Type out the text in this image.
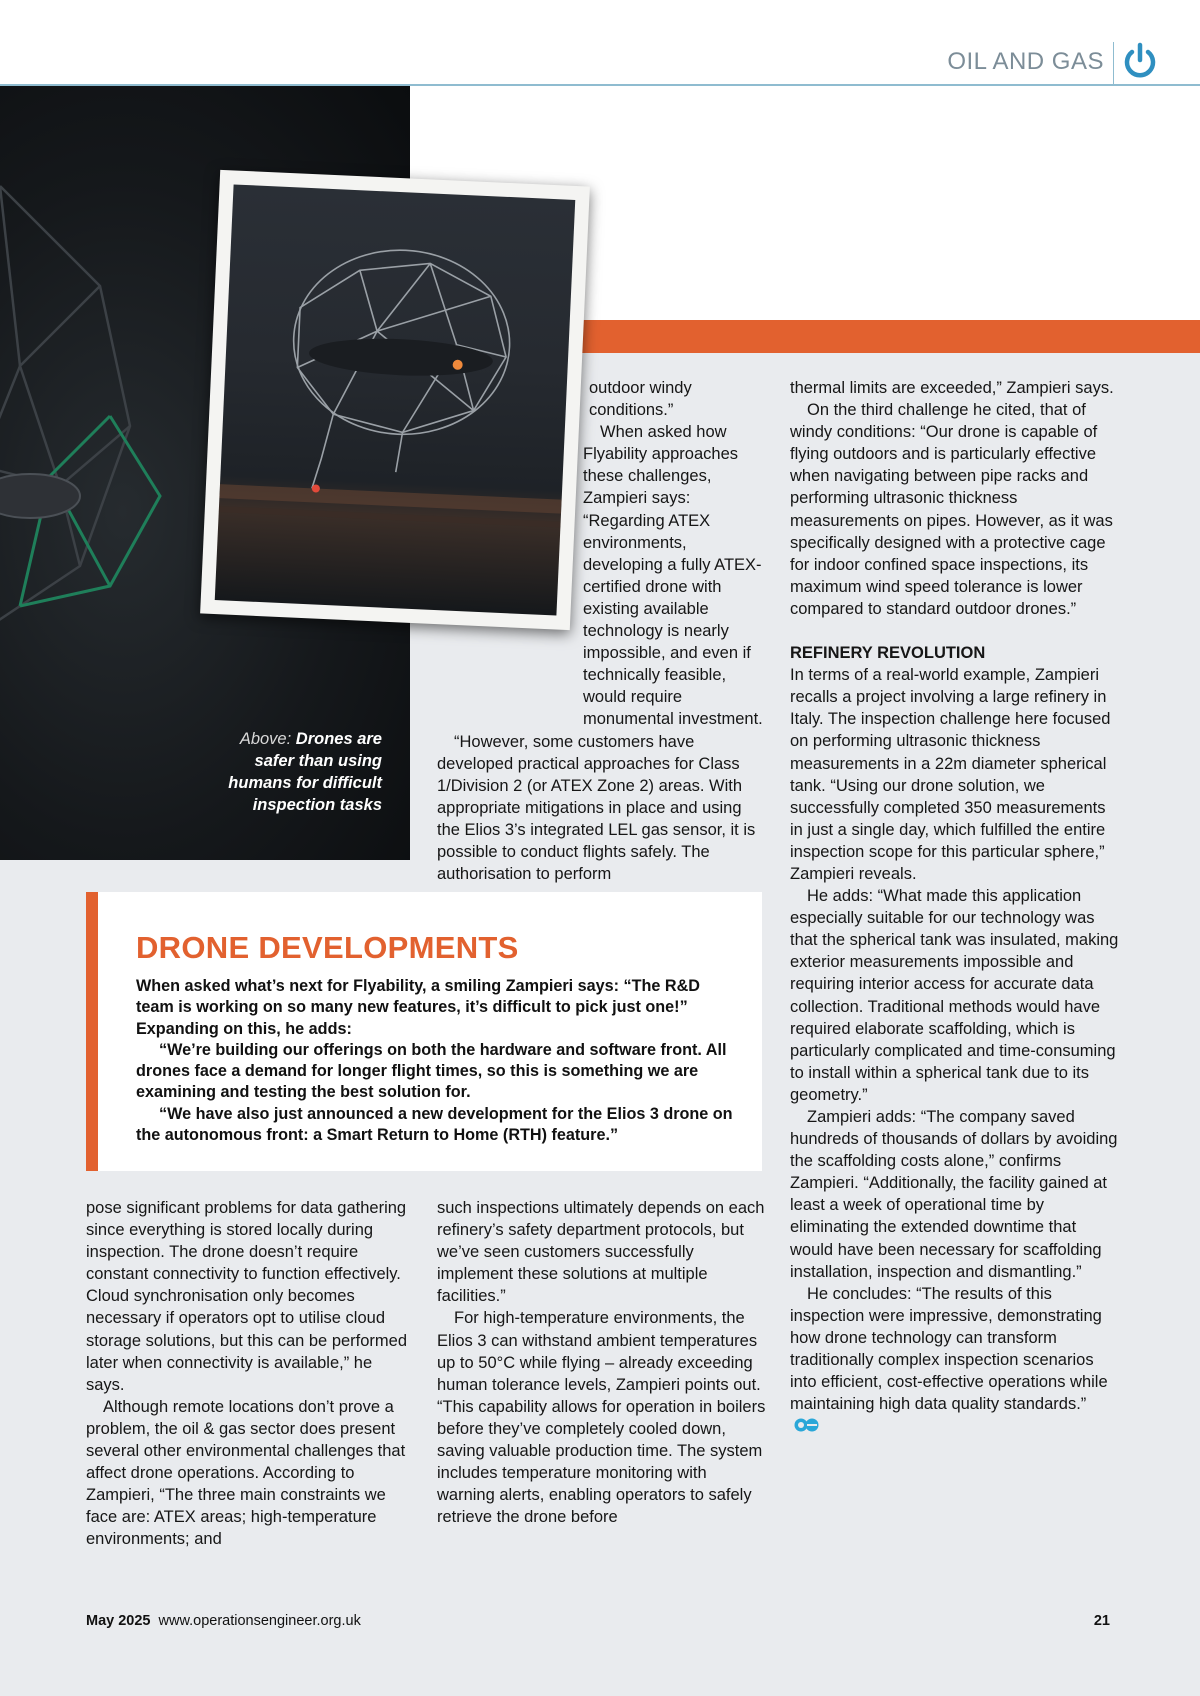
OIL AND GAS
Above: Drones are safer than using humans for difficult inspection tasks

outdoor windy conditions.”

When asked how Flyability approaches these challenges, Zampieri says: “Regarding ATEX environments, developing a fully ATEX-certified drone with existing available technology is nearly impossible, and even if technically feasible, would require monumental investment.

“However, some customers have developed practical approaches for Class 1/Division 2 (or ATEX Zone 2) areas. With appropriate mitigations in place and using the Elios 3’s integrated LEL gas sensor, it is possible to conduct flights safely. The authorisation to perform

thermal limits are exceeded,” Zampieri says.

On the third challenge he cited, that of windy conditions: “Our drone is capable of flying outdoors and is particularly effective when navigating between pipe racks and performing ultrasonic thickness measurements on pipes. However, as it was specifically designed with a protective cage for indoor confined space inspections, its maximum wind speed tolerance is lower compared to standard outdoor drones.”

REFINERY REVOLUTION

In terms of a real-world example, Zampieri recalls a project involving a large refinery in Italy. The inspection challenge here focused on performing ultrasonic thickness measurements in a 22m diameter spherical tank. “Using our drone solution, we successfully completed 350 measurements in just a single day, which fulfilled the entire inspection scope for this particular sphere,” Zampieri reveals.

He adds: “What made this application especially suitable for our technology was that the spherical tank was insulated, making exterior measurements impossible and requiring interior access for accurate data collection. Traditional methods would have required elaborate scaffolding, which is particularly complicated and time-consuming to install within a spherical tank due to its geometry.”

Zampieri adds: “The company saved hundreds of thousands of dollars by avoiding the scaffolding costs alone,” confirms Zampieri. “Additionally, the facility gained at least a week of operational time by eliminating the extended downtime that would have been necessary for scaffolding installation, inspection and dismantling.”

He concludes: “The results of this inspection were impressive, demonstrating how drone technology can transform traditionally complex inspection scenarios into efficient, cost-effective operations while maintaining high data quality standards.”

DRONE DEVELOPMENTS

When asked what’s next for Flyability, a smiling Zampieri says: “The R&D team is working on so many new features, it’s difficult to pick just one!” Expanding on this, he adds:

“We’re building our offerings on both the hardware and software front. All drones face a demand for longer flight times, so this is something we are examining and testing the best solution for.

“We have also just announced a new development for the Elios 3 drone on the autonomous front: a Smart Return to Home (RTH) feature.”

pose significant problems for data gathering since everything is stored locally during inspection. The drone doesn’t require constant connectivity to function effectively. Cloud synchronisation only becomes necessary if operators opt to utilise cloud storage solutions, but this can be performed later when connectivity is available,” he says.

Although remote locations don’t prove a problem, the oil & gas sector does present several other environmental challenges that affect drone operations. According to Zampieri, “The three main constraints we face are: ATEX areas; high-temperature environments; and

such inspections ultimately depends on each refinery’s safety department protocols, but we’ve seen customers successfully implement these solutions at multiple facilities.”

For high-temperature environments, the Elios 3 can withstand ambient temperatures up to 50°C while flying – already exceeding human tolerance levels, Zampieri points out. “This capability allows for operation in boilers before they’ve completely cooled down, saving valuable production time. The system includes temperature monitoring with warning alerts, enabling operators to safely retrieve the drone before

May 2025 www.operationsengineer.org.uk	21
